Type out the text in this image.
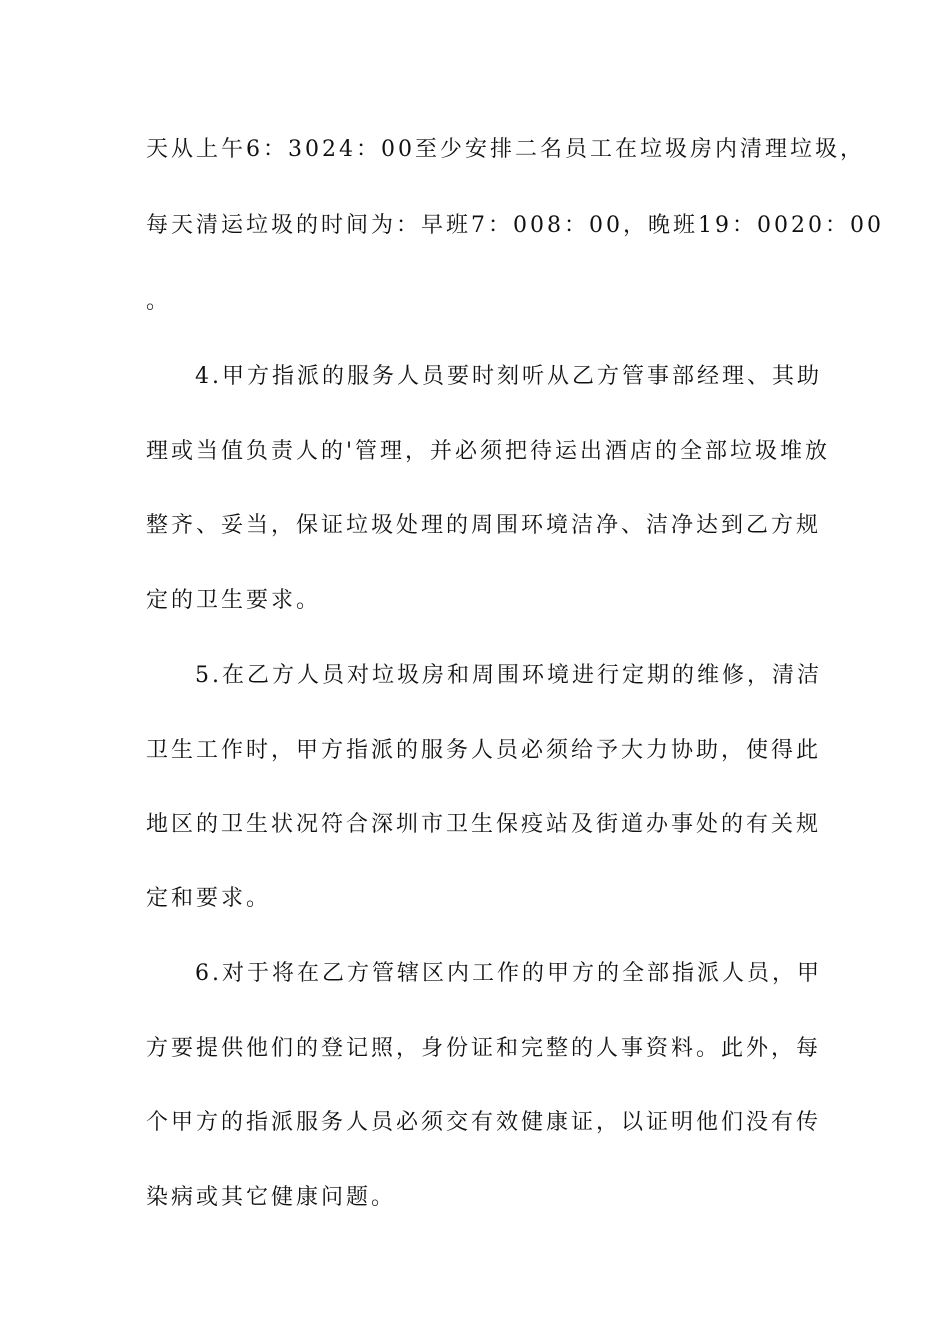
天从上午6：3024：00至少安排二名员工在垃圾房内清理垃圾，
每天清运垃圾的时间为：早班7：008：00，晚班19：0020：00
。
4.甲方指派的服务人员要时刻听从乙方管事部经理、其助
理或当值负责人的'管理，并必须把待运出酒店的全部垃圾堆放
整齐、妥当，保证垃圾处理的周围环境洁净、洁净达到乙方规
定的卫生要求。
5.在乙方人员对垃圾房和周围环境进行定期的维修，清洁
卫生工作时，甲方指派的服务人员必须给予大力协助，使得此
地区的卫生状况符合深圳市卫生保疫站及街道办事处的有关规
定和要求。
6.对于将在乙方管辖区内工作的甲方的全部指派人员，甲
方要提供他们的登记照，身份证和完整的人事资料。此外，每
个甲方的指派服务人员必须交有效健康证，以证明他们没有传
染病或其它健康问题。
